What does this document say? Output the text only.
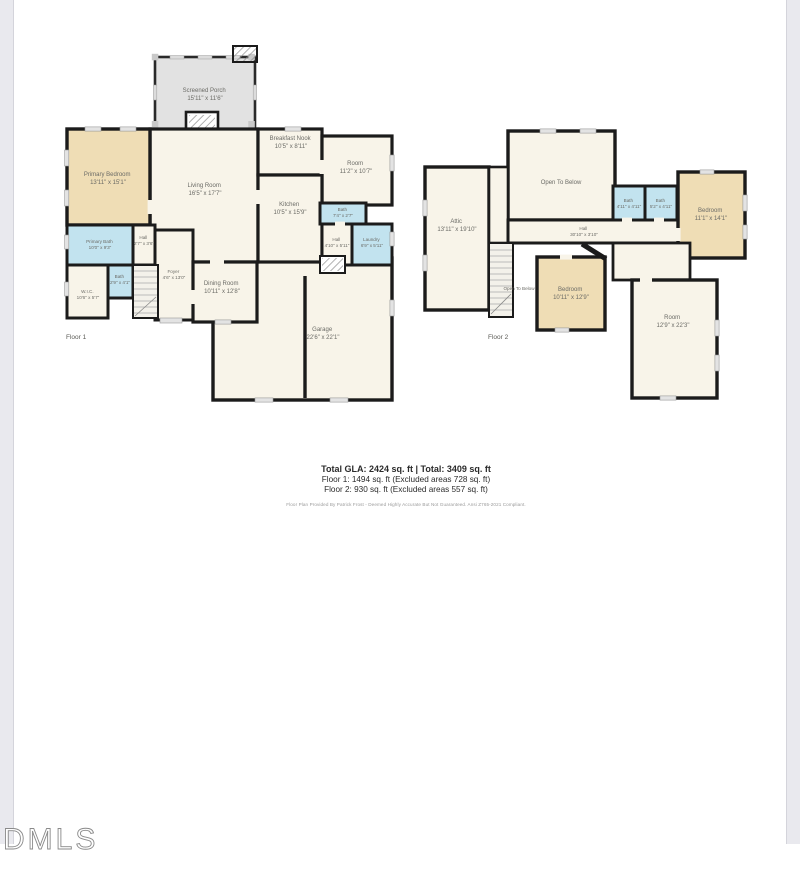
Screened Porch 15'11" x 11'6"
Primary Bedroom 13'11" x 15'1"	Living Room 16'5" x 17'7"
Breakfast Nook 10'5" x 8'11"
Room 11'2" x 10'7"
Kitchen 10'5" x 15'9"
Bath 7'4" x 2'7"
Hall 2'7" x 3'6"
Hall 4'10" x 5'11"
Laundry 6'9" x 5'11"
Primary Bath 10'0" x 9'3"
Bath 2'9" x 4'1"
W.I.C. 10'6" x 5'7"
Foyer 4'6" x 13'0"
Dining Room 10'11" x 12'8"
Garage 22'6" x 22'1"
Floor 1
Open To Below
Attic 13'11" x 19'10"	Hall 30'10" x 3'10"
Bath 4'11" x 4'11"
Bath 5'2" x 4'11"
Bedroom 11'1" x 14'1"
Open To Below	Bedroom 10'11" x 12'9"
Room 12'9" x 22'3"
Floor 2
Total GLA: 2424 sq. ft | Total: 3409 sq. ft
Floor 1: 1494 sq. ft (Excluded areas 728 sq. ft)
Floor 2: 930 sq. ft (Excluded areas 557 sq. ft)
Floor Plan Provided By Patrick Frost - Deemed Highly Accurate But Not Guaranteed. Ansi Z765-2021 Compliant.
DMLS
